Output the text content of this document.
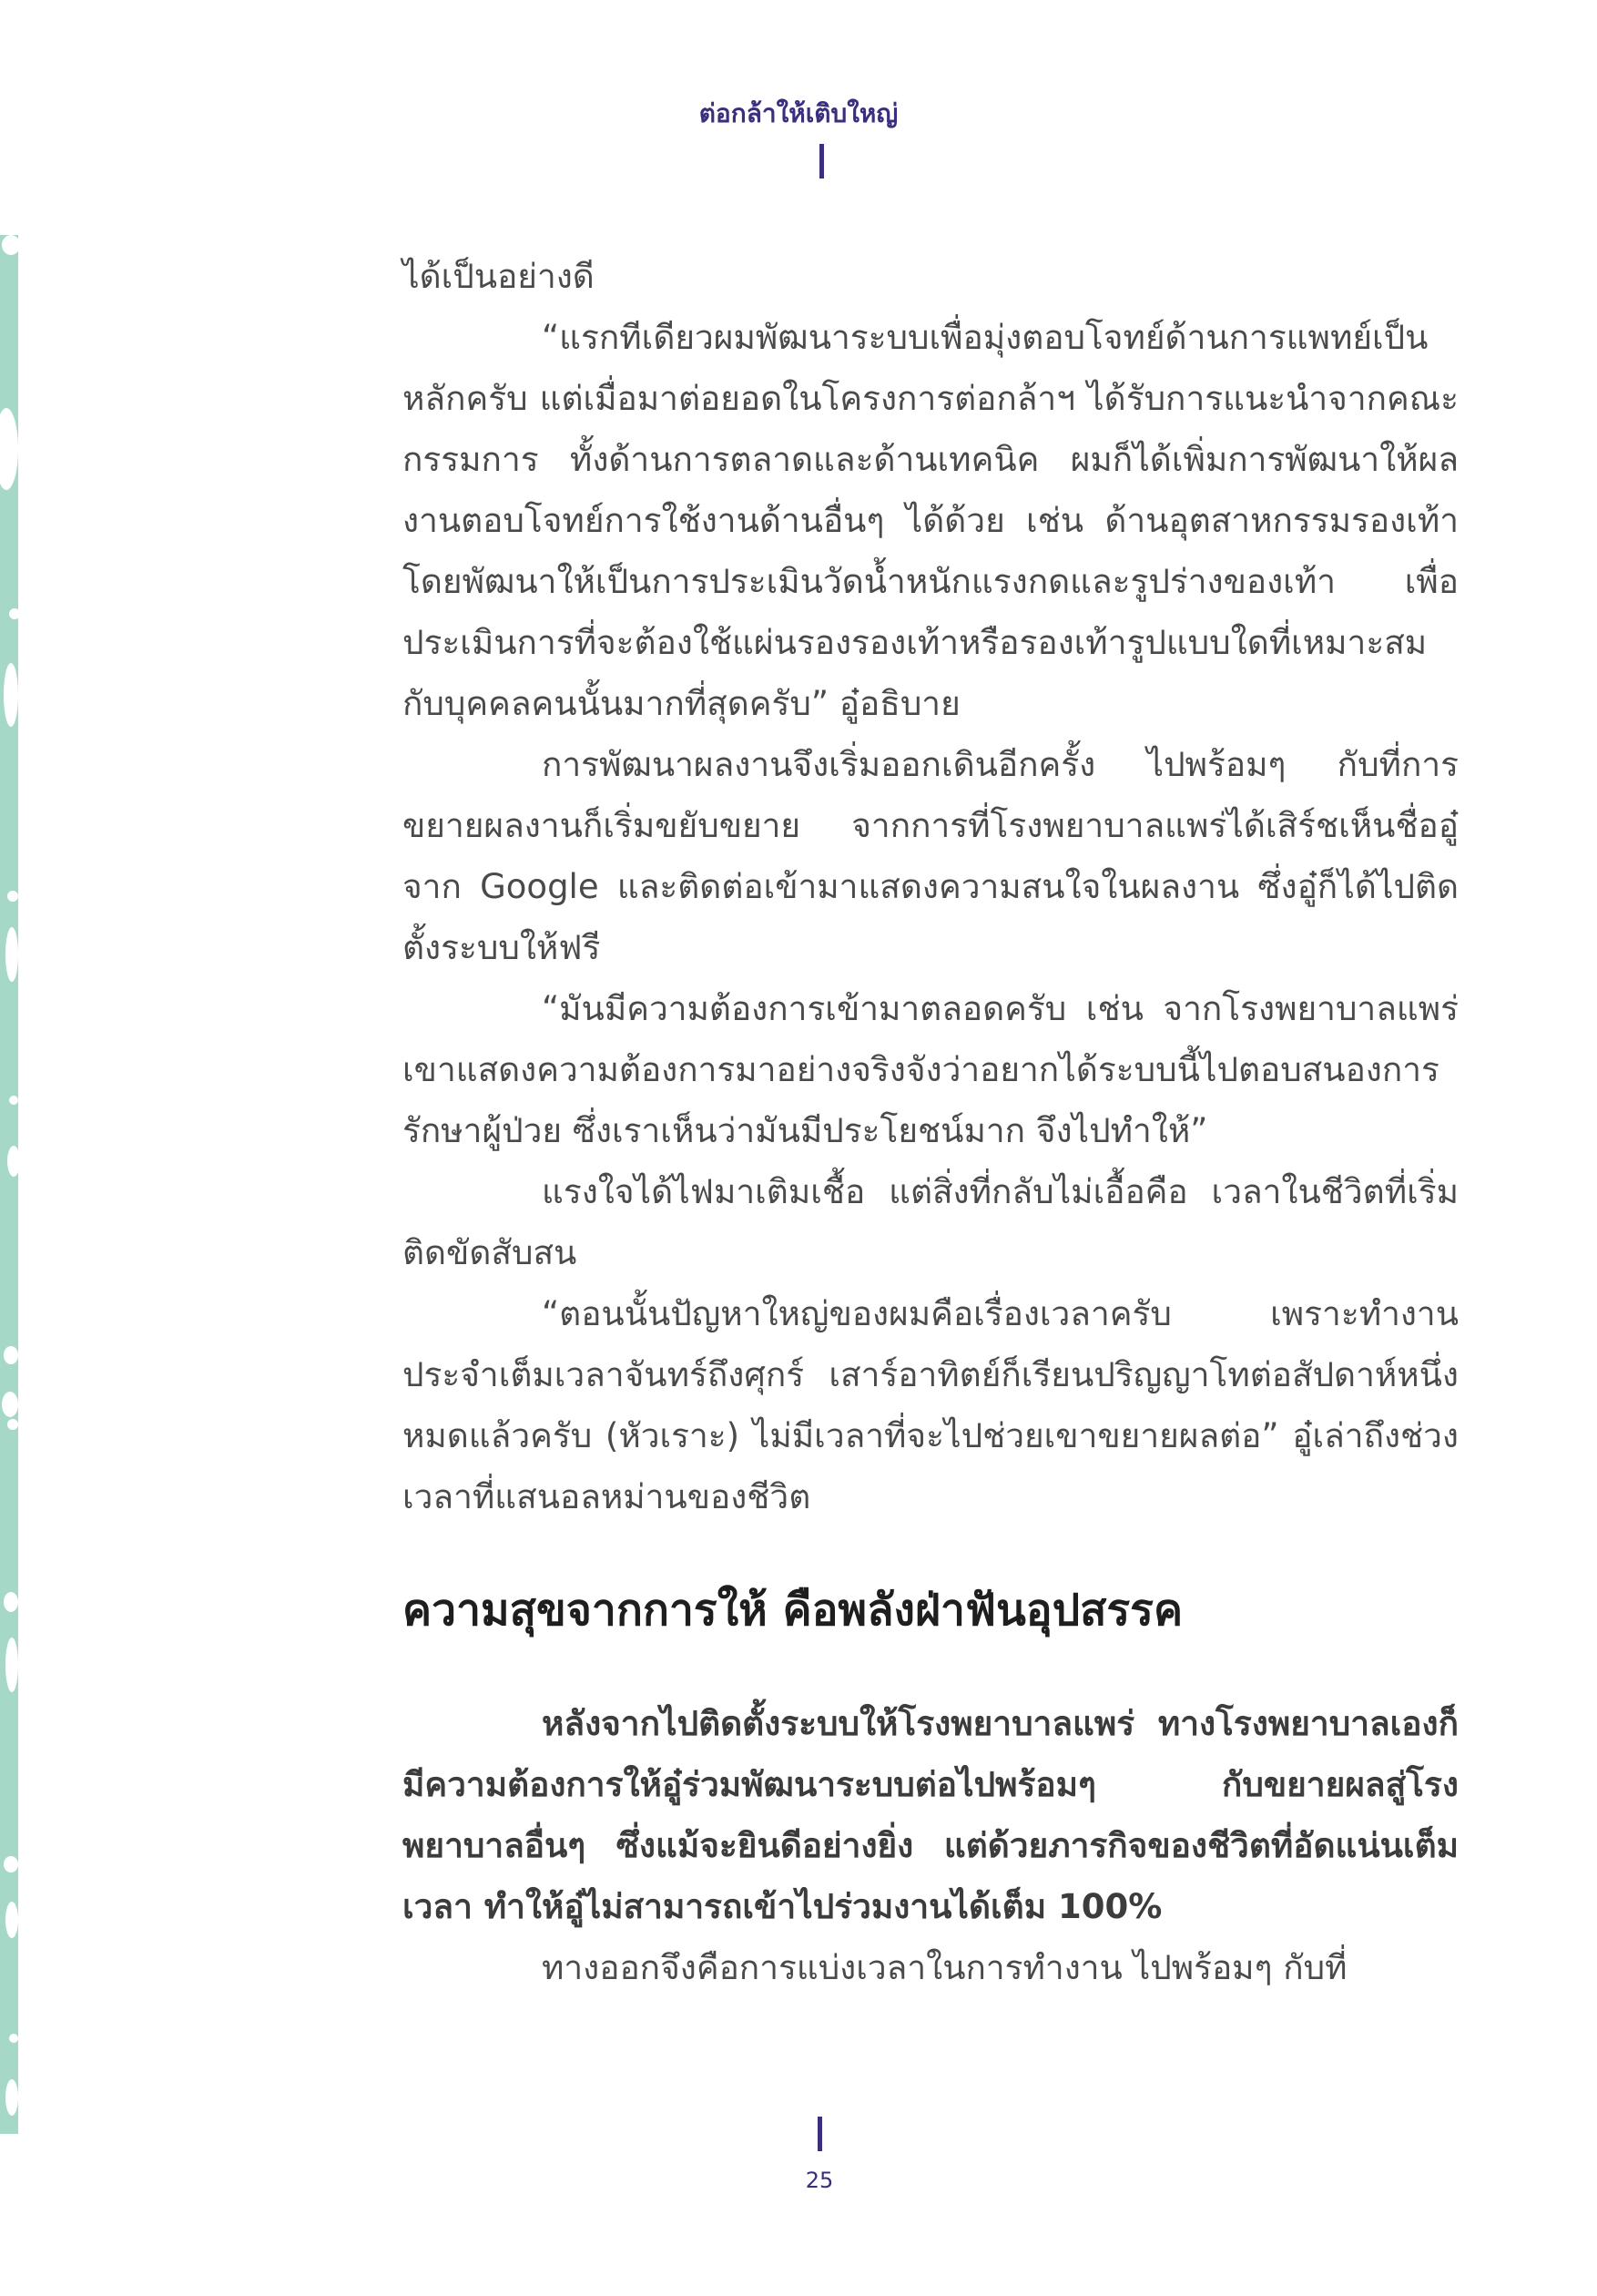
ต่อกล้าให้เติบใหญ่

ได้เป็นอย่างดี

“แรกทีเดียวผมพัฒนาระบบเพื่อมุ่งตอบโจทย์ด้านการแพทย์เป็นหลักครับ แต่เมื่อมาต่อยอดในโครงการต่อกล้าฯ ได้รับการแนะนำจากคณะกรรมการ ทั้งด้านการตลาดและด้านเทคนิค ผมก็ได้เพิ่มการพัฒนาให้ผลงานตอบโจทย์การใช้งานด้านอื่นๆ ได้ด้วย เช่น ด้านอุตสาหกรรมรองเท้า โดยพัฒนาให้เป็นการประเมินวัดน้ำหนักแรงกดและรูปร่างของเท้า เพื่อประเมินการที่จะต้องใช้แผ่นรองรองเท้าหรือรองเท้ารูปแบบใดที่เหมาะสมกับบุคคลคนนั้นมากที่สุดครับ” อู๋อธิบาย

การพัฒนาผลงานจึงเริ่มออกเดินอีกครั้ง ไปพร้อมๆ กับที่การขยายผลงานก็เริ่มขยับขยาย จากการที่โรงพยาบาลแพร่ได้เสิร์ชเห็นชื่ออู๋จาก Google และติดต่อเข้ามาแสดงความสนใจในผลงาน ซึ่งอู๋ก็ได้ไปติดตั้งระบบให้ฟรี

“มันมีความต้องการเข้ามาตลอดครับ เช่น จากโรงพยาบาลแพร่ เขาแสดงความต้องการมาอย่างจริงจังว่าอยากได้ระบบนี้ไปตอบสนองการรักษาผู้ป่วย ซึ่งเราเห็นว่ามันมีประโยชน์มาก จึงไปทำให้”

แรงใจได้ไฟมาเติมเชื้อ แต่สิ่งที่กลับไม่เอื้อคือ เวลาในชีวิตที่เริ่มติดขัดสับสน

“ตอนนั้นปัญหาใหญ่ของผมคือเรื่องเวลาครับ เพราะทำงานประจำเต็มเวลาจันทร์ถึงศุกร์ เสาร์อาทิตย์ก็เรียนปริญญาโทต่อสัปดาห์หนึ่งหมดแล้วครับ (หัวเราะ) ไม่มีเวลาที่จะไปช่วยเขาขยายผลต่อ” อู๋เล่าถึงช่วงเวลาที่แสนอลหม่านของชีวิต

ความสุขจากการให้ คือพลังฝ่าฟันอุปสรรค

หลังจากไปติดตั้งระบบให้โรงพยาบาลแพร่ ทางโรงพยาบาลเองก็มีความต้องการให้อู๋ร่วมพัฒนาระบบต่อไปพร้อมๆ กับขยายผลสู่โรงพยาบาลอื่นๆ ซึ่งแม้จะยินดีอย่างยิ่ง แต่ด้วยภารกิจของชีวิตที่อัดแน่นเต็มเวลา ทำให้อู๋ไม่สามารถเข้าไปร่วมงานได้เต็ม 100%

ทางออกจึงคือการแบ่งเวลาในการทำงาน ไปพร้อมๆ กับที่

25
